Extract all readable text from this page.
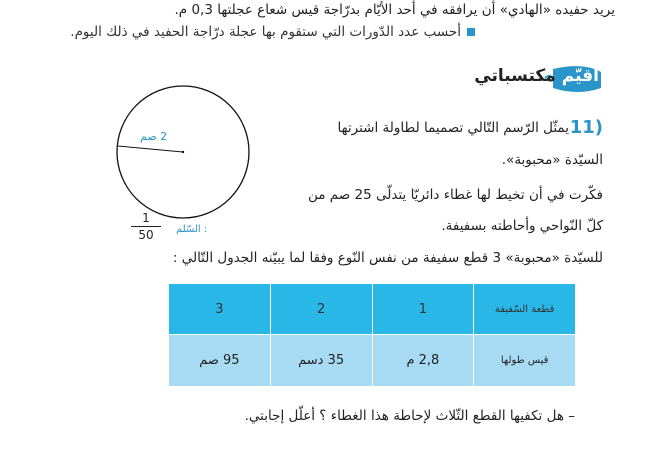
يريد حفيده «الهادي» أن يرافقه في أحد الأيّام بدرّاجة قيس شعاع عجلتها 0,3 م.
أحسب عدد الدّورات التي ستقوم بها عجلة درّاجة الحفيد في ذلك اليوم.
أقيّم مكتسباتي
2 صم
السّلم :
1
50
11)
يمثّل الرّسم التّالي تصميما لطاولة اشترتها
السيّدة «محبوبة».
فكّرت في أن تخيط لها غطاء دائريّا يتدلّى 25 صم من
كلّ النّواحي وأحاطته بسفيفة.
للسيّدة «محبوبة» 3 قطع سفيفة من نفس النّوع وفقا لما يبيّنه الجدول التّالي :
قطعة السّفيفة	1	2	3
قيس طولها	2,8 م	35 دسم	95 صم
– هل تكفيها القطع الثّلاث لإحاطة هذا الغطاء ؟ أعلّل إجابتي.
